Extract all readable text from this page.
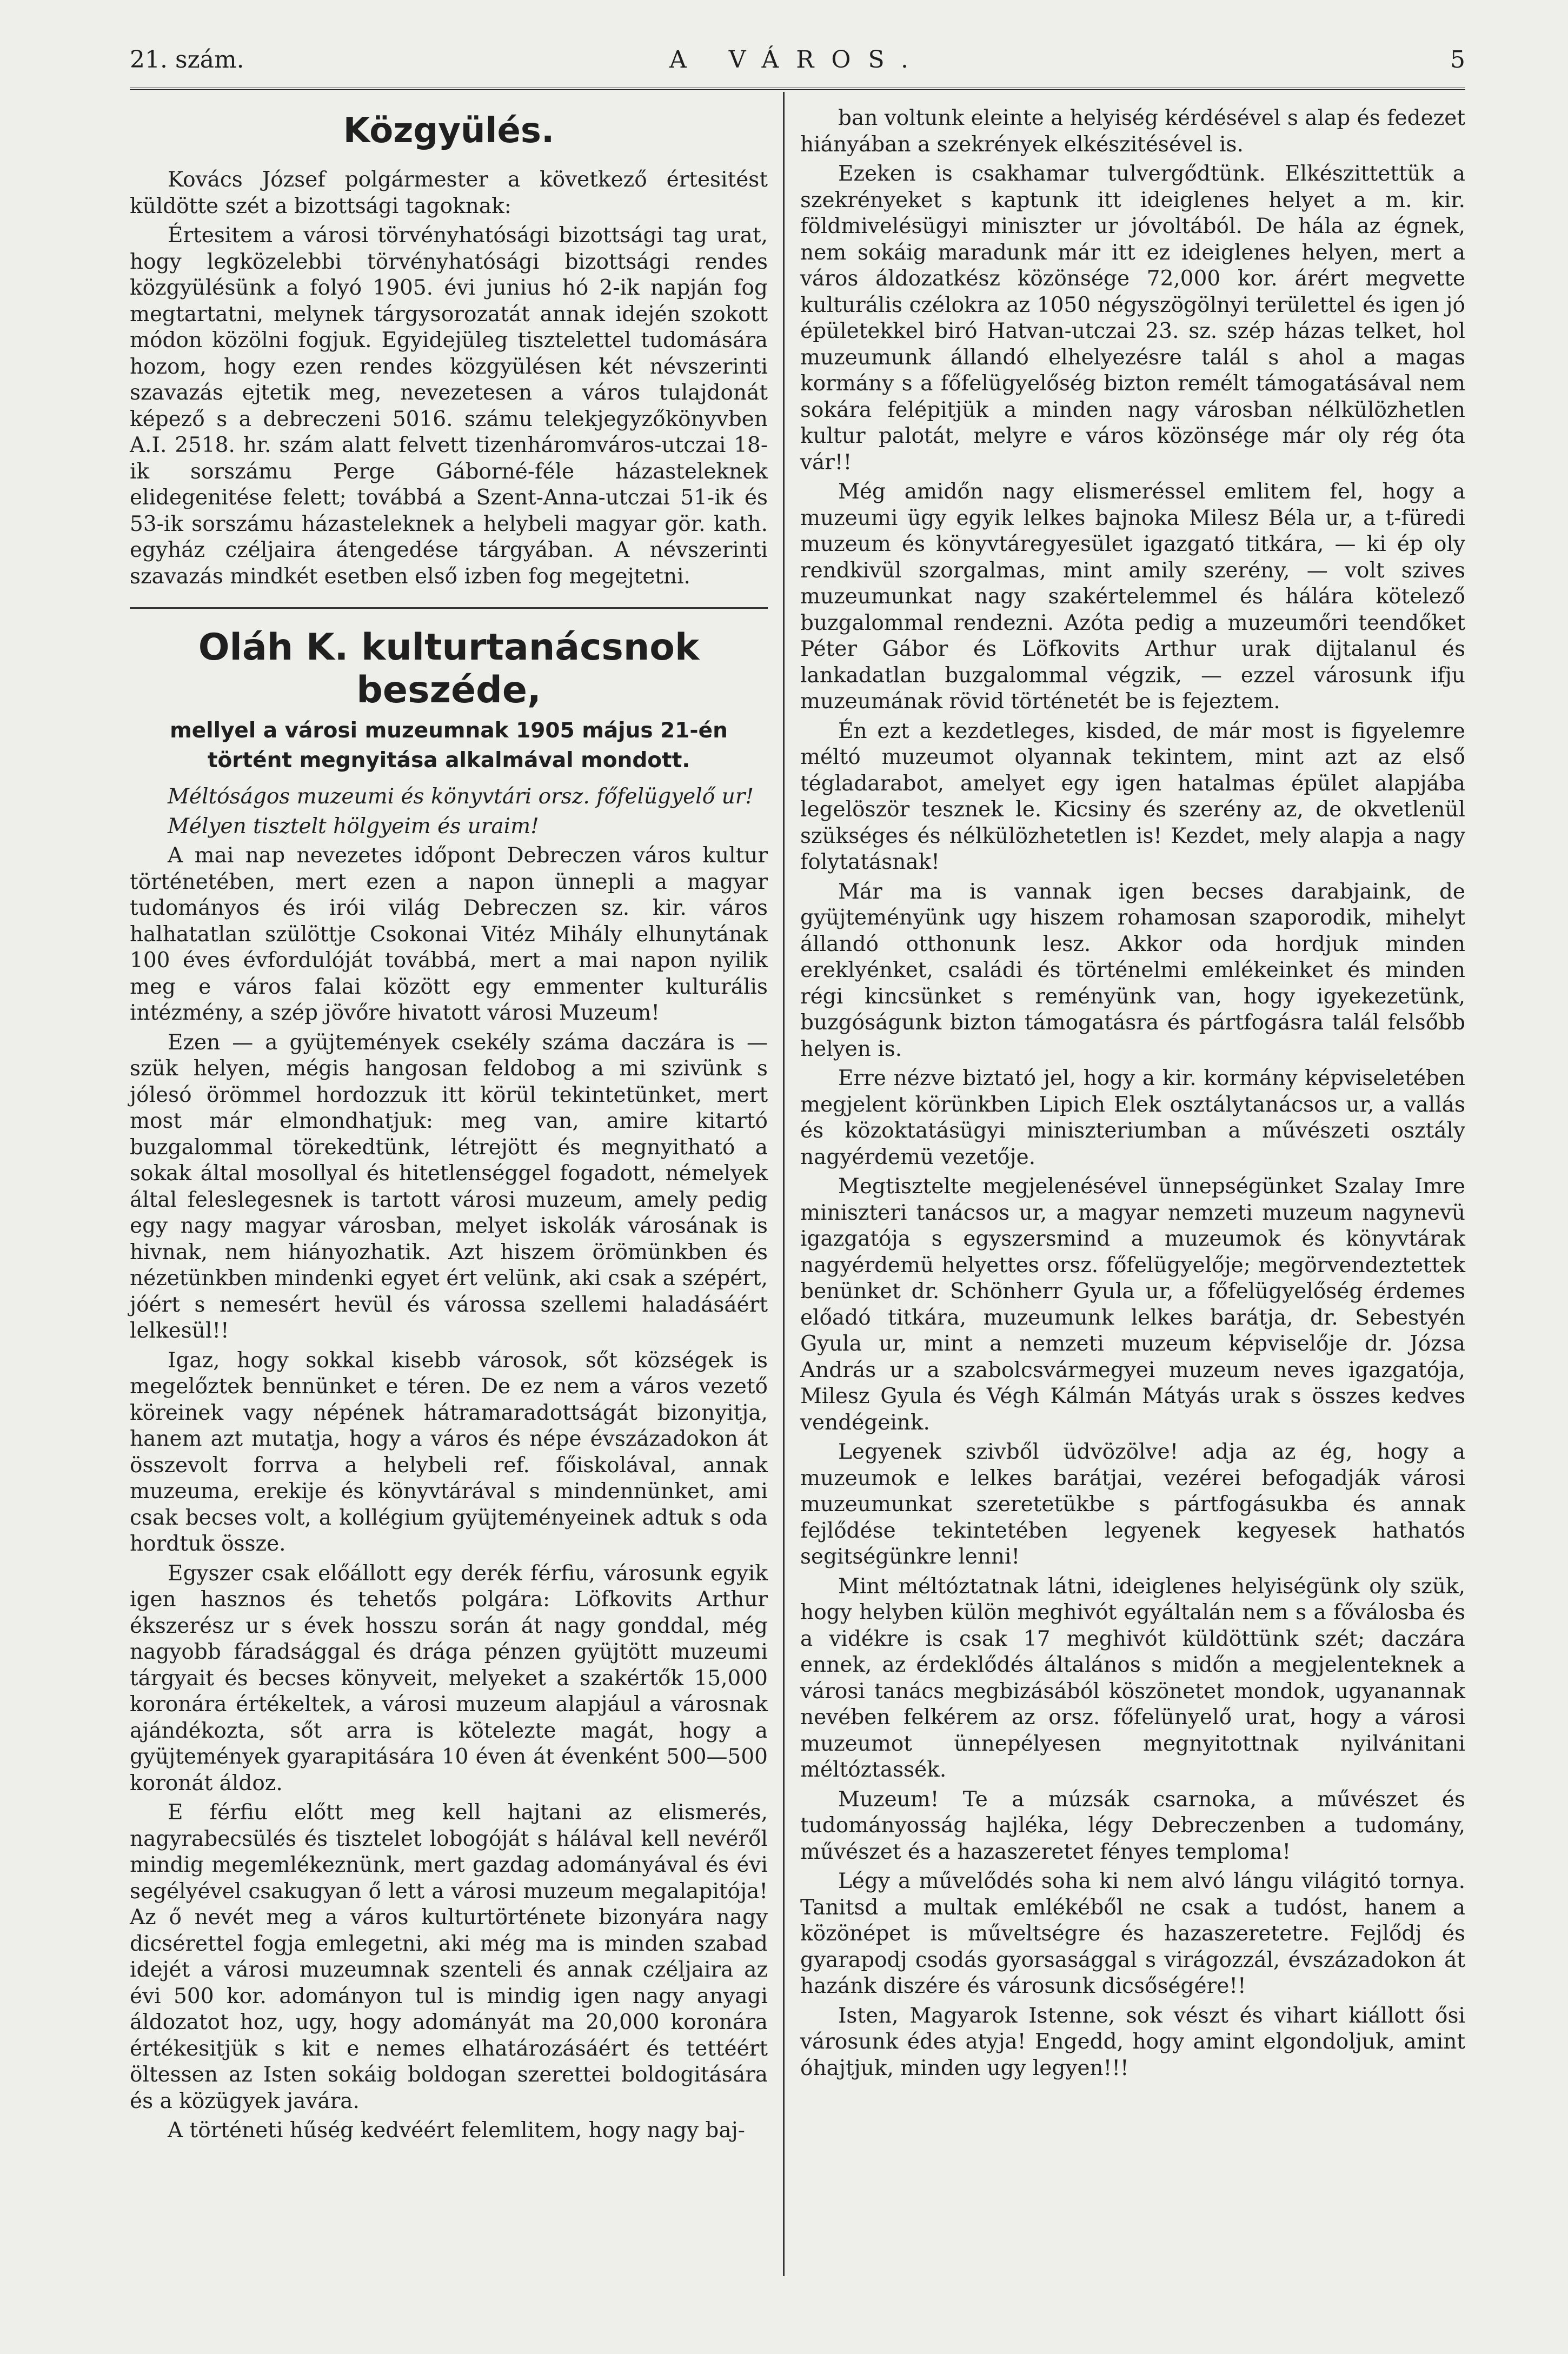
21. szám.	A VÁROS.	5
Közgyülés.

Kovács József polgármester a következő értesitést küldötte szét a bizottsági tagoknak:

Értesitem a városi törvényhatósági bizottsági tag urat, hogy legközelebbi törvényhatósági bizottsági rendes közgyülésünk a folyó 1905. évi junius hó 2-ik napján fog megtartatni, melynek tárgysorozatát annak idején szokott módon közölni fogjuk. Egyidejüleg tisztelettel tudomására hozom, hogy ezen rendes közgyülésen két névszerinti szavazás ejtetik meg, nevezetesen a város tulajdonát képező s a debreczeni 5016. számu telekjegyzőkönyvben A.I. 2518. hr. szám alatt felvett tizenháromváros-utczai 18-ik sorszámu Perge Gáborné-féle házasteleknek elidegenitése felett; továbbá a Szent-Anna-utczai 51-ik és 53-ik sorszámu házasteleknek a helybeli magyar gör. kath. egyház czéljaira átengedése tárgyában. A névszerinti szavazás mindkét esetben első izben fog megejtetni.

Oláh K. kulturtanácsnok beszéde,
mellyel a városi muzeumnak 1905 május 21-én történt megnyitása alkalmával mondott.

Méltóságos muzeumi és könyvtári orsz. főfelügyelő ur!

Mélyen tisztelt hölgyeim és uraim!

A mai nap nevezetes időpont Debreczen város kultur történetében, mert ezen a napon ünnepli a magyar tudományos és irói világ Debreczen sz. kir. város halhatatlan szülöttje Csokonai Vitéz Mihály elhunytának 100 éves évfordulóját továbbá, mert a mai napon nyilik meg e város falai között egy emmenter kulturális intézmény, a szép jövőre hivatott városi Muzeum!

Ezen — a gyüjtemények csekély száma daczára is — szük helyen, mégis hangosan feldobog a mi szivünk s jólesó örömmel hordozzuk itt körül tekintetünket, mert most már elmondhatjuk: meg van, amire kitartó buzgalommal törekedtünk, létrejött és megnyitható a sokak által mosollyal és hitetlenséggel fogadott, némelyek által feleslegesnek is tartott városi muzeum, amely pedig egy nagy magyar városban, melyet iskolák városának is hivnak, nem hiányozhatik. Azt hiszem örömünkben és nézetünkben mindenki egyet ért velünk, aki csak a szépért, jóért s nemesért hevül és várossa szellemi haladásáért lelkesül!!

Igaz, hogy sokkal kisebb városok, sőt községek is megelőztek bennünket e téren. De ez nem a város vezető köreinek vagy népének hátramaradottságát bizonyitja, hanem azt mutatja, hogy a város és népe évszázadokon át összevolt forrva a helybeli ref. főiskolával, annak muzeuma, erekije és könyvtárával s mindennünket, ami csak becses volt, a kollégium gyüjteményeinek adtuk s oda hordtuk össze.

Egyszer csak előállott egy derék férfiu, városunk egyik igen hasznos és tehetős polgára: Löfkovits Arthur ékszerész ur s évek hosszu során át nagy gonddal, még nagyobb fáradsággal és drága pénzen gyüjtött muzeumi tárgyait és becses könyveit, melyeket a szakértők 15,000 koronára értékeltek, a városi muzeum alapjául a városnak ajándékozta, sőt arra is kötelezte magát, hogy a gyüjtemények gyarapitására 10 éven át évenként 500—500 koronát áldoz.

E férfiu előtt meg kell hajtani az elismerés, nagyrabecsülés és tisztelet lobogóját s hálával kell nevéről mindig megemlékeznünk, mert gazdag adományával és évi segélyével csakugyan ő lett a városi muzeum megalapitója! Az ő nevét meg a város kulturtörténete bizonyára nagy dicsérettel fogja emlegetni, aki még ma is minden szabad idejét a városi muzeumnak szenteli és annak czéljaira az évi 500 kor. adományon tul is mindig igen nagy anyagi áldozatot hoz, ugy, hogy adományát ma 20,000 koronára értékesitjük s kit e nemes elhatározásáért és tettéért öltessen az Isten sokáig boldogan szerettei boldogitására és a közügyek javára.

A történeti hűség kedvéért felemlitem, hogy nagy baj-

ban voltunk eleinte a helyiség kérdésével s alap és fedezet hiányában a szekrények elkészitésével is.

Ezeken is csakhamar tulvergődtünk. Elkészittettük a szekrényeket s kaptunk itt ideiglenes helyet a m. kir. földmivelésügyi miniszter ur jóvoltából. De hála az égnek, nem sokáig maradunk már itt ez ideiglenes helyen, mert a város áldozatkész közönsége 72,000 kor. árért megvette kulturális czélokra az 1050 négyszögölnyi területtel és igen jó épületekkel biró Hatvan-utczai 23. sz. szép házas telket, hol muzeumunk állandó elhelyezésre talál s ahol a magas kormány s a főfelügyelőség bizton remélt támogatásával nem sokára felépitjük a minden nagy városban nélkülözhetlen kultur palotát, melyre e város közönsége már oly rég óta vár!!

Még amidőn nagy elismeréssel emlitem fel, hogy a muzeumi ügy egyik lelkes bajnoka Milesz Béla ur, a t-füredi muzeum és könyvtáregyesület igazgató titkára, — ki ép oly rendkivül szorgalmas, mint amily szerény, — volt szives muzeumunkat nagy szakértelemmel és hálára kötelező buzgalommal rendezni. Azóta pedig a muzeumőri teendőket Péter Gábor és Löfkovits Arthur urak dijtalanul és lankadatlan buzgalommal végzik, — ezzel városunk ifju muzeumának rövid történetét be is fejeztem.

Én ezt a kezdetleges, kisded, de már most is figyelemre méltó muzeumot olyannak tekintem, mint azt az első tégladarabot, amelyet egy igen hatalmas épület alapjába legelöször tesznek le. Kicsiny és szerény az, de okvetlenül szükséges és nélkülözhetetlen is! Kezdet, mely alapja a nagy folytatásnak!

Már ma is vannak igen becses darabjaink, de gyüjteményünk ugy hiszem rohamosan szaporodik, mihelyt állandó otthonunk lesz. Akkor oda hordjuk minden ereklyénket, családi és történelmi emlékeinket és minden régi kincsünket s reményünk van, hogy igyekezetünk, buzgóságunk bizton támogatásra és pártfogásra talál felsőbb helyen is.

Erre nézve biztató jel, hogy a kir. kormány képviseletében megjelent körünkben Lipich Elek osztálytanácsos ur, a vallás és közoktatásügyi miniszteriumban a művészeti osztály nagyérdemü vezetője.

Megtisztelte megjelenésével ünnepségünket Szalay Imre miniszteri tanácsos ur, a magyar nemzeti muzeum nagynevü igazgatója s egyszersmind a muzeumok és könyvtárak nagyérdemü helyettes orsz. főfelügyelője; megörvendeztettek benünket dr. Schönherr Gyula ur, a főfelügyelőség érdemes előadó titkára, muzeumunk lelkes barátja, dr. Sebestyén Gyula ur, mint a nemzeti muzeum képviselője dr. Józsa András ur a szabolcsvármegyei muzeum neves igazgatója, Milesz Gyula és Végh Kálmán Mátyás urak s összes kedves vendégeink.

Legyenek szivből üdvözölve! adja az ég, hogy a muzeumok e lelkes barátjai, vezérei befogadják városi muzeumunkat szeretetükbe s pártfogásukba és annak fejlődése tekintetében legyenek kegyesek hathatós segitségünkre lenni!

Mint méltóztatnak látni, ideiglenes helyiségünk oly szük, hogy helyben külön meghivót egyáltalán nem s a főválosba és a vidékre is csak 17 meghivót küldöttünk szét; daczára ennek, az érdeklődés általános s midőn a megjelenteknek a városi tanács megbizásából köszönetet mondok, ugyanannak nevében felkérem az orsz. főfelünyelő urat, hogy a városi muzeumot ünnepélyesen megnyitottnak nyilvánitani méltóztassék.

Muzeum! Te a múzsák csarnoka, a művészet és tudományosság hajléka, légy Debreczenben a tudomány, művészet és a hazaszeretet fényes temploma!

Légy a művelődés soha ki nem alvó lángu világitó tornya. Tanitsd a multak emlékéből ne csak a tudóst, hanem a közönépet is műveltségre és hazaszeretetre. Fejlődj és gyarapodj csodás gyorsasággal s virágozzál, évszázadokon át hazánk diszére és városunk dicsőségére!!

Isten, Magyarok Istenne, sok vészt és vihart kiállott ősi városunk édes atyja! Engedd, hogy amint elgondoljuk, amint óhajtjuk, minden ugy legyen!!!
